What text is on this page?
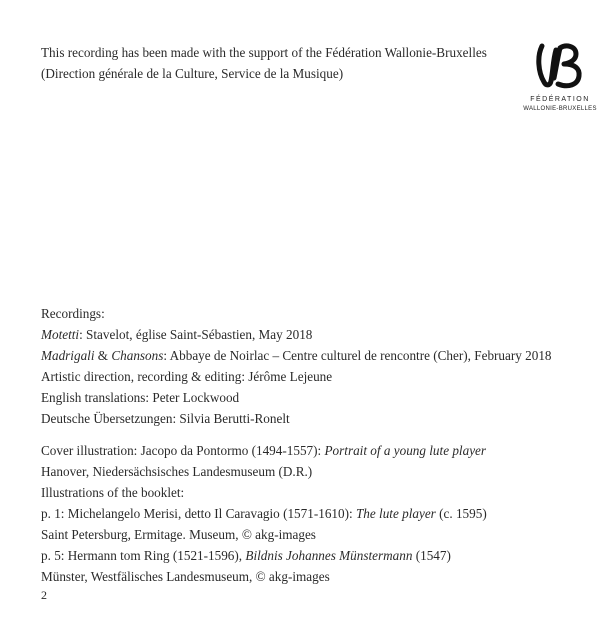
This recording has been made with the support of the Fédération Wallonie-Bruxelles
(Direction générale de la Culture, Service de la Musique)
FÉDÉRATION
WALLONIE-BRUXELLES
Recordings:
Motetti: Stavelot, église Saint-Sébastien, May 2018
Madrigali & Chansons: Abbaye de Noirlac – Centre culturel de rencontre (Cher), February 2018
Artistic direction, recording & editing: Jérôme Lejeune
English translations: Peter Lockwood
Deutsche Übersetzungen: Silvia Berutti-Ronelt
Cover illustration: Jacopo da Pontormo (1494-1557): Portrait of a young lute player
Hanover, Niedersächsisches Landesmuseum (D.R.)
Illustrations of the booklet:
p. 1: Michelangelo Merisi, detto Il Caravagio (1571-1610): The lute player (c. 1595)
Saint Petersburg, Ermitage. Museum, © akg-images
p. 5: Hermann tom Ring (1521-1596), Bildnis Johannes Münstermann (1547)
Münster, Westfälisches Landesmuseum, © akg-images
2
